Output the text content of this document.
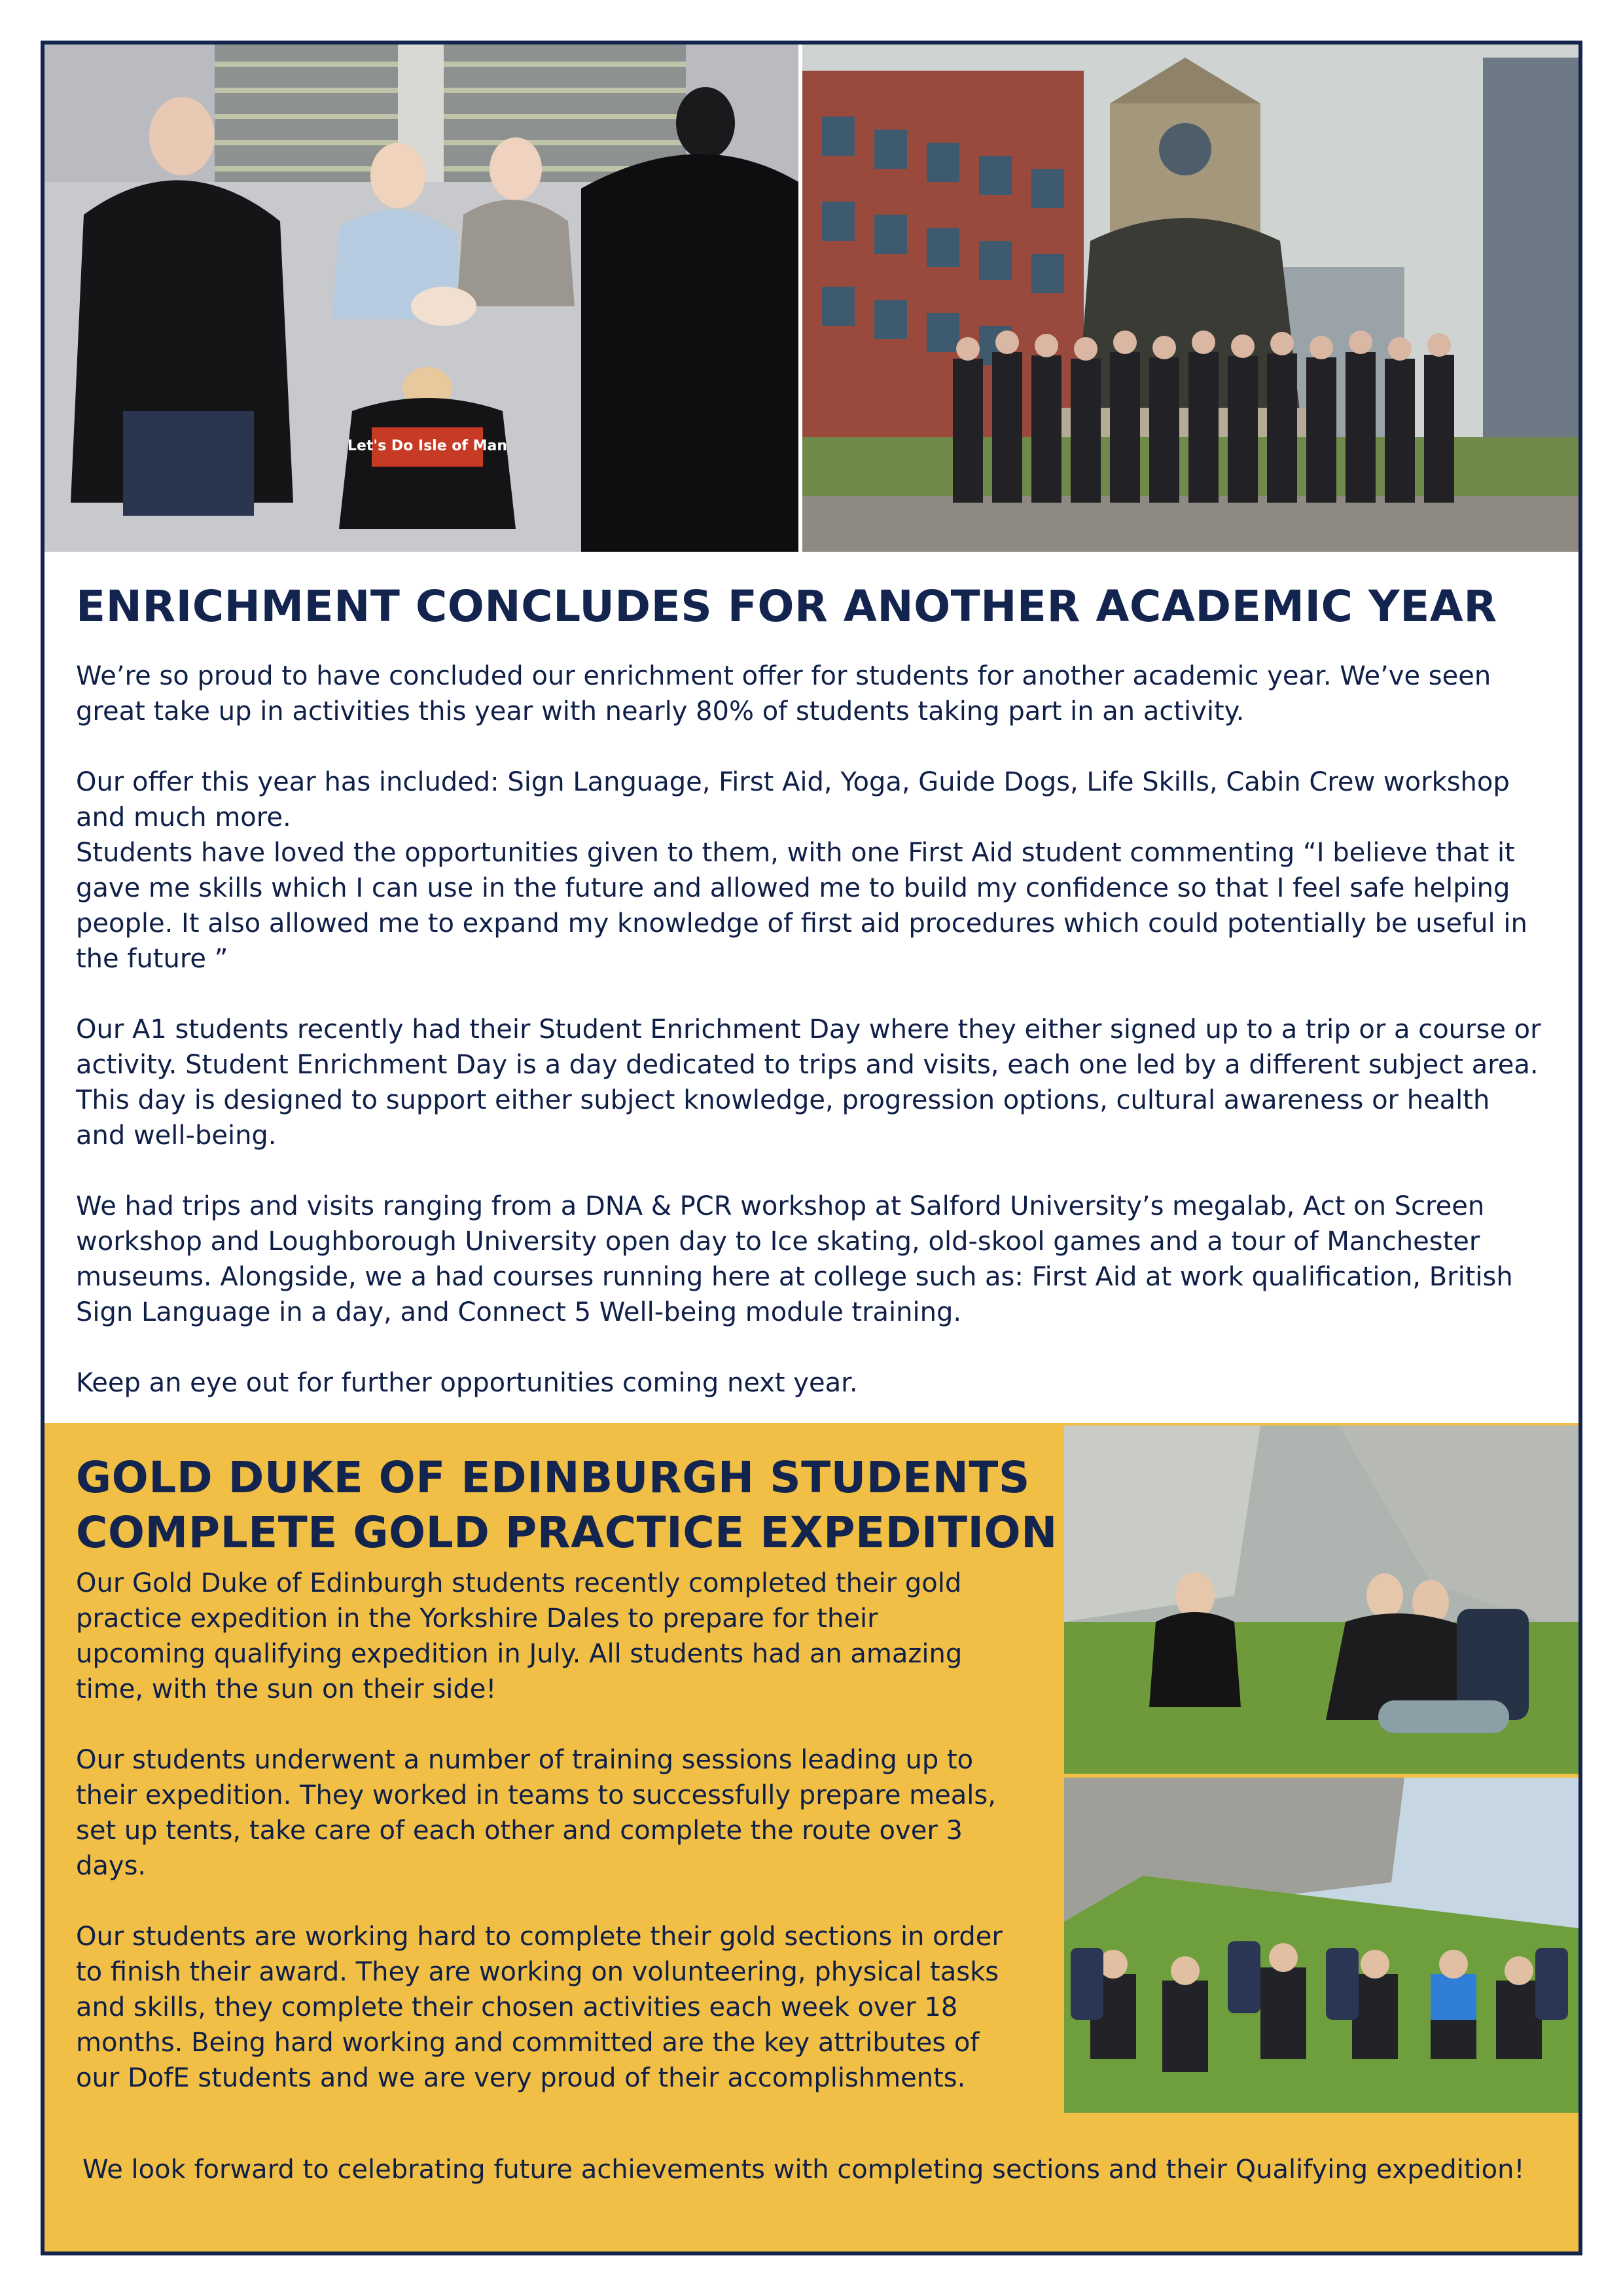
Let's Do Isle of Man
ENRICHMENT CONCLUDES FOR ANOTHER ACADEMIC YEAR

We’re so proud to have concluded our enrichment offer for students for another academic year. We’ve seen great take up in activities this year with nearly 80% of students taking part in an activity.

Our offer this year has included: Sign Language, First Aid, Yoga, Guide Dogs, Life Skills, Cabin Crew workshop and much more.

Students have loved the opportunities given to them, with one First Aid student commenting “I believe that it gave me skills which I can use in the future and allowed me to build my confidence so that I feel safe helping people. It also allowed me to expand my knowledge of first aid procedures which could potentially be useful in the future ”

Our A1 students recently had their Student Enrichment Day where they either signed up to a trip or a course or activity. Student Enrichment Day is a day dedicated to trips and visits, each one led by a different subject area. This day is designed to support either subject knowledge, progression options, cultural awareness or health and well-being.

We had trips and visits ranging from a DNA & PCR workshop at Salford University’s megalab, Act on Screen workshop and Loughborough University open day to Ice skating, old-skool games and a tour of Manchester museums. Alongside, we a had courses running here at college such as: First Aid at work qualification, British Sign Language in a day, and Connect 5 Well-being module training.

Keep an eye out for further opportunities coming next year.

GOLD DUKE OF EDINBURGH STUDENTS
COMPLETE GOLD PRACTICE EXPEDITION

Our Gold Duke of Edinburgh students recently completed their gold practice expedition in the Yorkshire Dales to prepare for their upcoming qualifying expedition in July. All students had an amazing time, with the sun on their side!

Our students underwent a number of training sessions leading up to their expedition. They worked in teams to successfully prepare meals, set up tents, take care of each other and complete the route over 3 days.

Our students are working hard to complete their gold sections in order to finish their award. They are working on volunteering, physical tasks and skills, they complete their chosen activities each week over 18 months. Being hard working and committed are the key attributes of our DofE students and we are very proud of their accomplishments.

We look forward to celebrating future achievements with completing sections and their Qualifying expedition!
